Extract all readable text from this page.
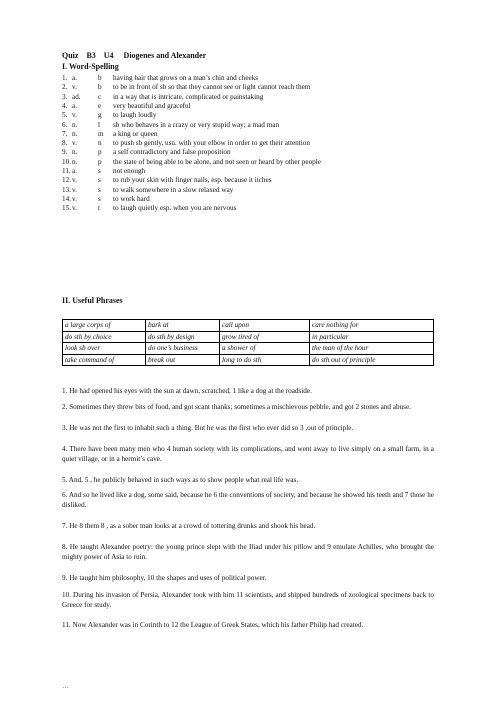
Quiz    B3    U4     Diogenes and Alexander
I. Word-Spelling
1. a.	b having hair that grows on a man’s chin and cheeks
2. v.	b to be in front of sb so that they cannot see or light cannot reach them
3. ad. c in a way that is intricate, complicated or painstaking
4. a.	e very beautiful and graceful
5. v.	g to laugh loudly
6. n.	l sb who behaves in a crazy or very stupid way; a mad man
7. n.	m a king or queen
8. v.	n to push sb gently, usu. with your elbow in order to get their attention
9. n.	p a self contradictory and false proposition
10. n.	p the state of being able to be alone, and not seen or heard by other people
11. a.	s not enough
12. v.	s to rub your skin with finger nails, esp. because it itches
13. v.	s to walk somewhere in a slow relaxed way
14. v.	s to work hard
15. v.	t to laugh quietly esp. when you are nervous
II. Useful Phrases
a large corps of	bark at	call upon	care nothing for
do sth by choice	do sth by design	grow tired of	in particular
look sb over	do one’s business	a shower of	the man of the hour
take command of	break out	long to do sth	do sth out of principle
1. He had opened his eyes with the sun at dawn, scratched, 1 like a dog at the roadside.
2. Sometimes they threw bits of food, and got scant thanks; sometimes a mischievous pebble, and got 2 stones and abuse.
3. He was not the first to inhabit such a thing. But he was the first who ever did so 3 ,out of principle.
4. There have been many men who 4 human society with its complications, and went away to live simply on a small farm, in a quiet village, or in a hermit’s cave.
5. And, 5 , he publicly behaved in such ways as to show people what real life was.
6. And so he lived like a dog, some said, because he 6 the conventions of society, and because he showed his teeth and 7 those he disliked.
7. He 8 them 8 , as a sober man looks at a crowd of tottering drunks and shook his head.
8. He taught Alexander poetry: the young prince slept with the Iliad under his pillow and 9 emulate Achilles, who brought the mighty power of Asia to ruin.
9. He taught him philosophy, 10 the shapes and uses of political power.
10. During his invasion of Persia, Alexander took with him 11 scientists, and shipped hundreds of zoological specimens back to Greece for study.
11. Now Alexander was in Corinth to 12 the League of Greek States, which his father Philip had created.
…
